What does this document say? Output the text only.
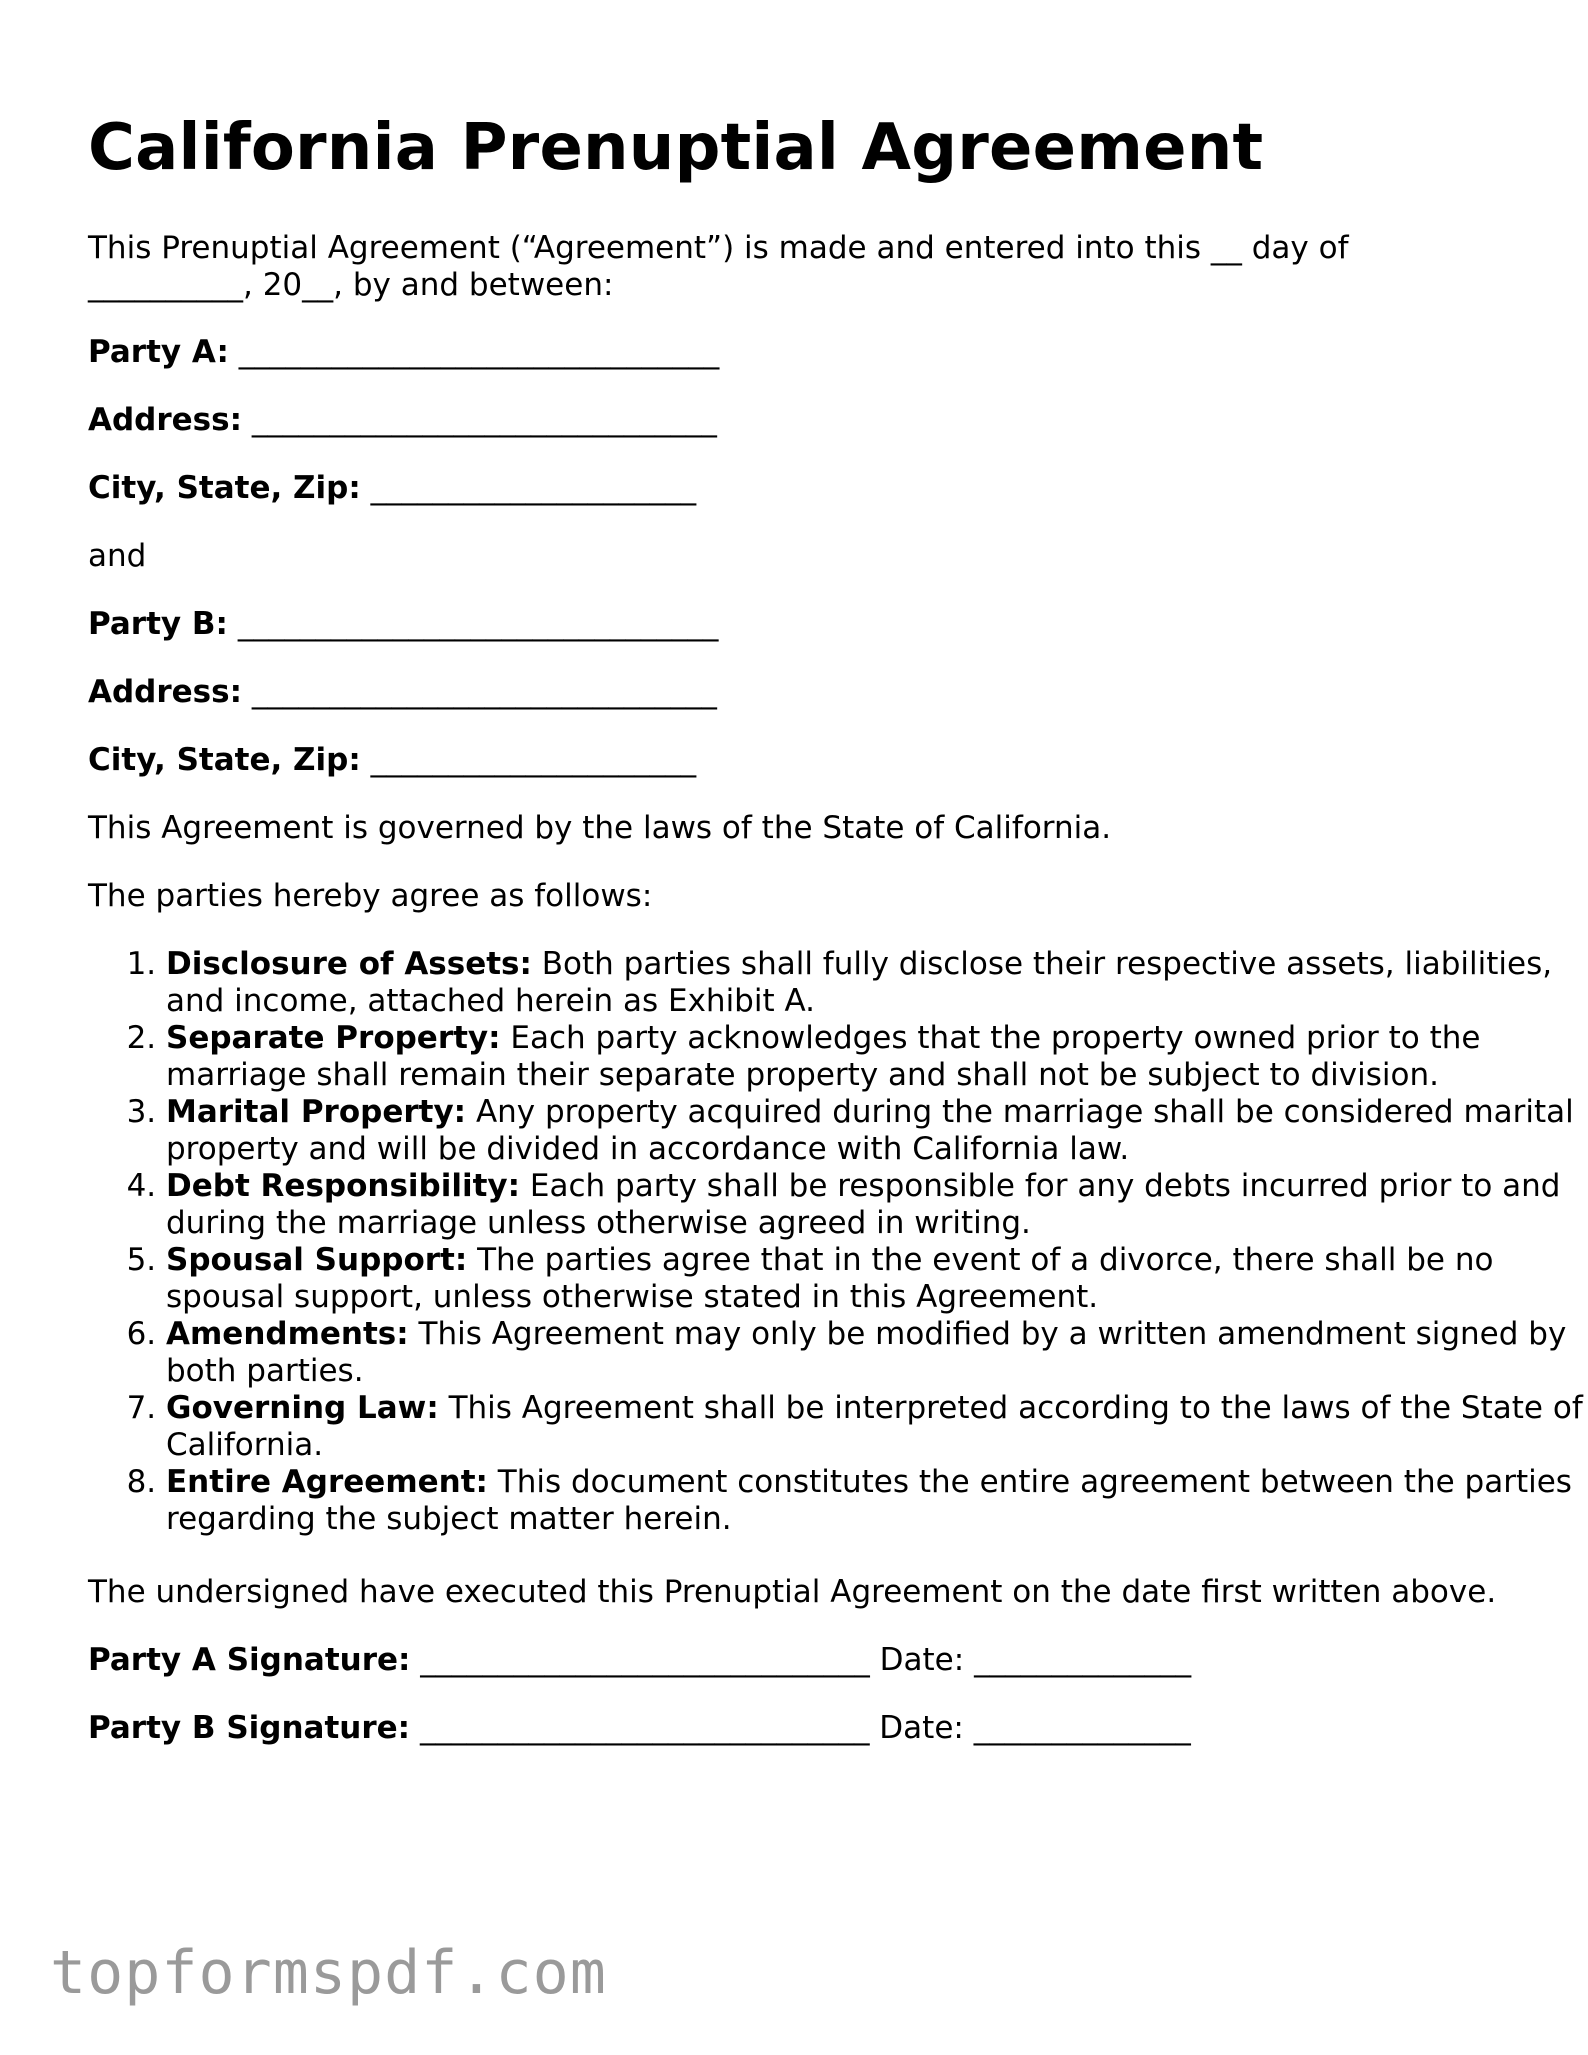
California Prenuptial Agreement

This Prenuptial Agreement (“Agreement”) is made and entered into this __ day of __________, 20__, by and between:

Party A: _______________________________

Address: ______________________________

City, State, Zip: _____________________

and

Party B: _______________________________

Address: ______________________________

City, State, Zip: _____________________

This Agreement is governed by the laws of the State of California.

The parties hereby agree as follows:

1. Disclosure of Assets: Both parties shall fully disclose their respective assets, liabilities, and income, attached herein as Exhibit A.
2. Separate Property: Each party acknowledges that the property owned prior to the marriage shall remain their separate property and shall not be subject to division.
3. Marital Property: Any property acquired during the marriage shall be considered marital property and will be divided in accordance with California law.
4. Debt Responsibility: Each party shall be responsible for any debts incurred prior to and during the marriage unless otherwise agreed in writing.
5. Spousal Support: The parties agree that in the event of a divorce, there shall be no spousal support, unless otherwise stated in this Agreement.
6. Amendments: This Agreement may only be modified by a written amendment signed by both parties.
7. Governing Law: This Agreement shall be interpreted according to the laws of the State of California.
8. Entire Agreement: This document constitutes the entire agreement between the parties regarding the subject matter herein.

The undersigned have executed this Prenuptial Agreement on the date first written above.

Party A Signature: _____________________________ Date: ______________

Party B Signature: _____________________________ Date: ______________

topformspdf.com
